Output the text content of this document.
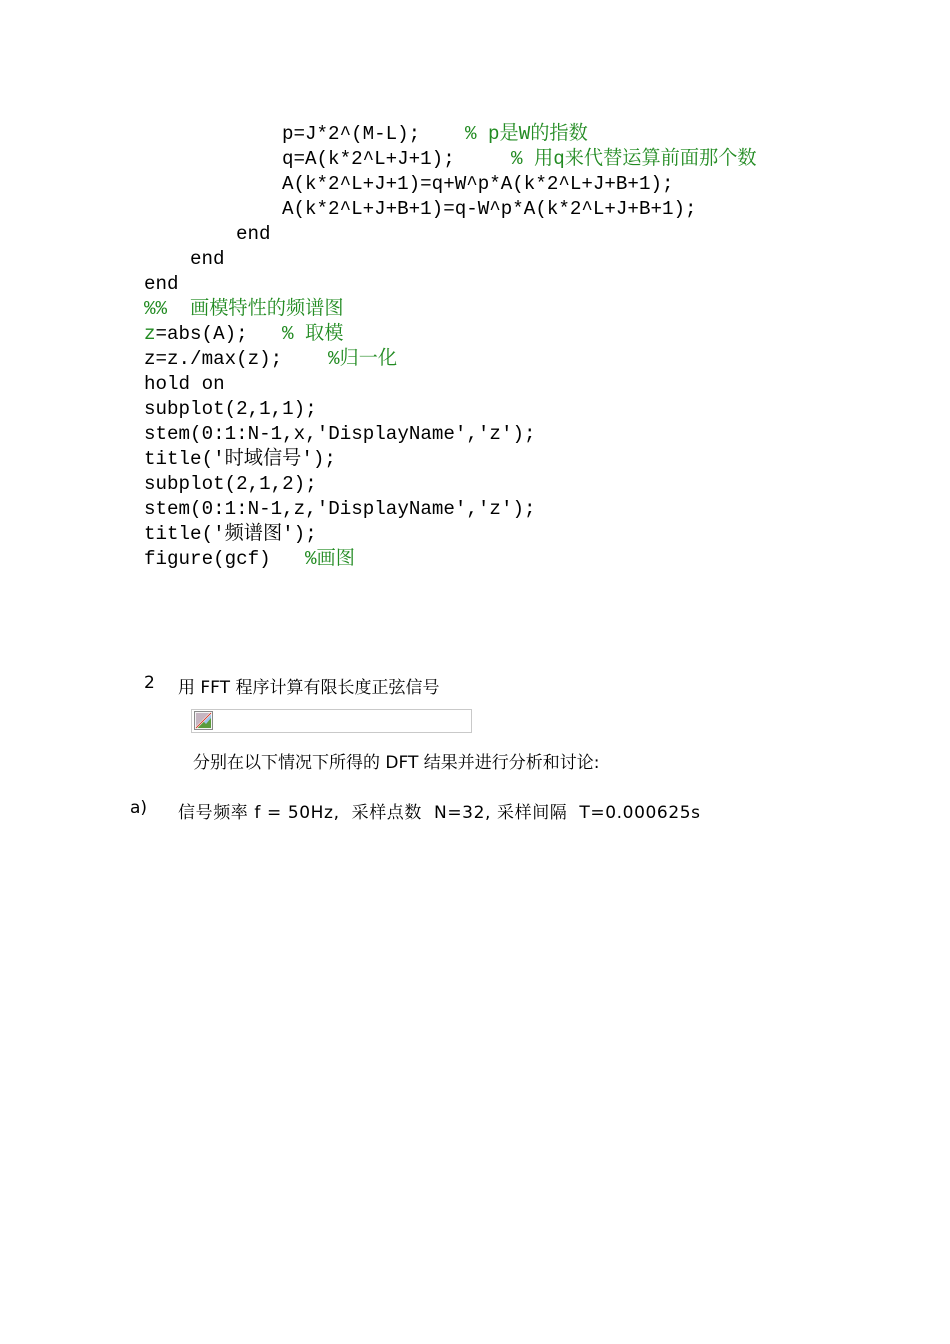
p=J*2^(M-L);

% p是W的指数

q=A(k*2^L+J+1);

	% 用q来代替运算前面那个数

A(k*2^L+J+1)=q+W^p*A(k*2^L+J+B+1);

A(k*2^L+J+B+1)=q-W^p*A(k*2^L+J+B+1);

end

end

end

%%  画模特性的频谱图

z

=abs(A);

% 取模

z=z./max(z);

%归一化

hold on

subplot(2,1,1);

stem(0:1:N-1,x,'DisplayName','z');

title('时域信号');

subplot(2,1,2);

stem(0:1:N-1,z,'DisplayName','z');

title('频谱图');

figure(gcf)

%画图

2 用 FFT 程序计算有限长度正弦信号
分别在以下情况下所得的 DFT 结果并进行分析和讨论:
a) 信号频率 f = 50Hz,  采样点数  N=32, 采样间隔  T=0.000625s
